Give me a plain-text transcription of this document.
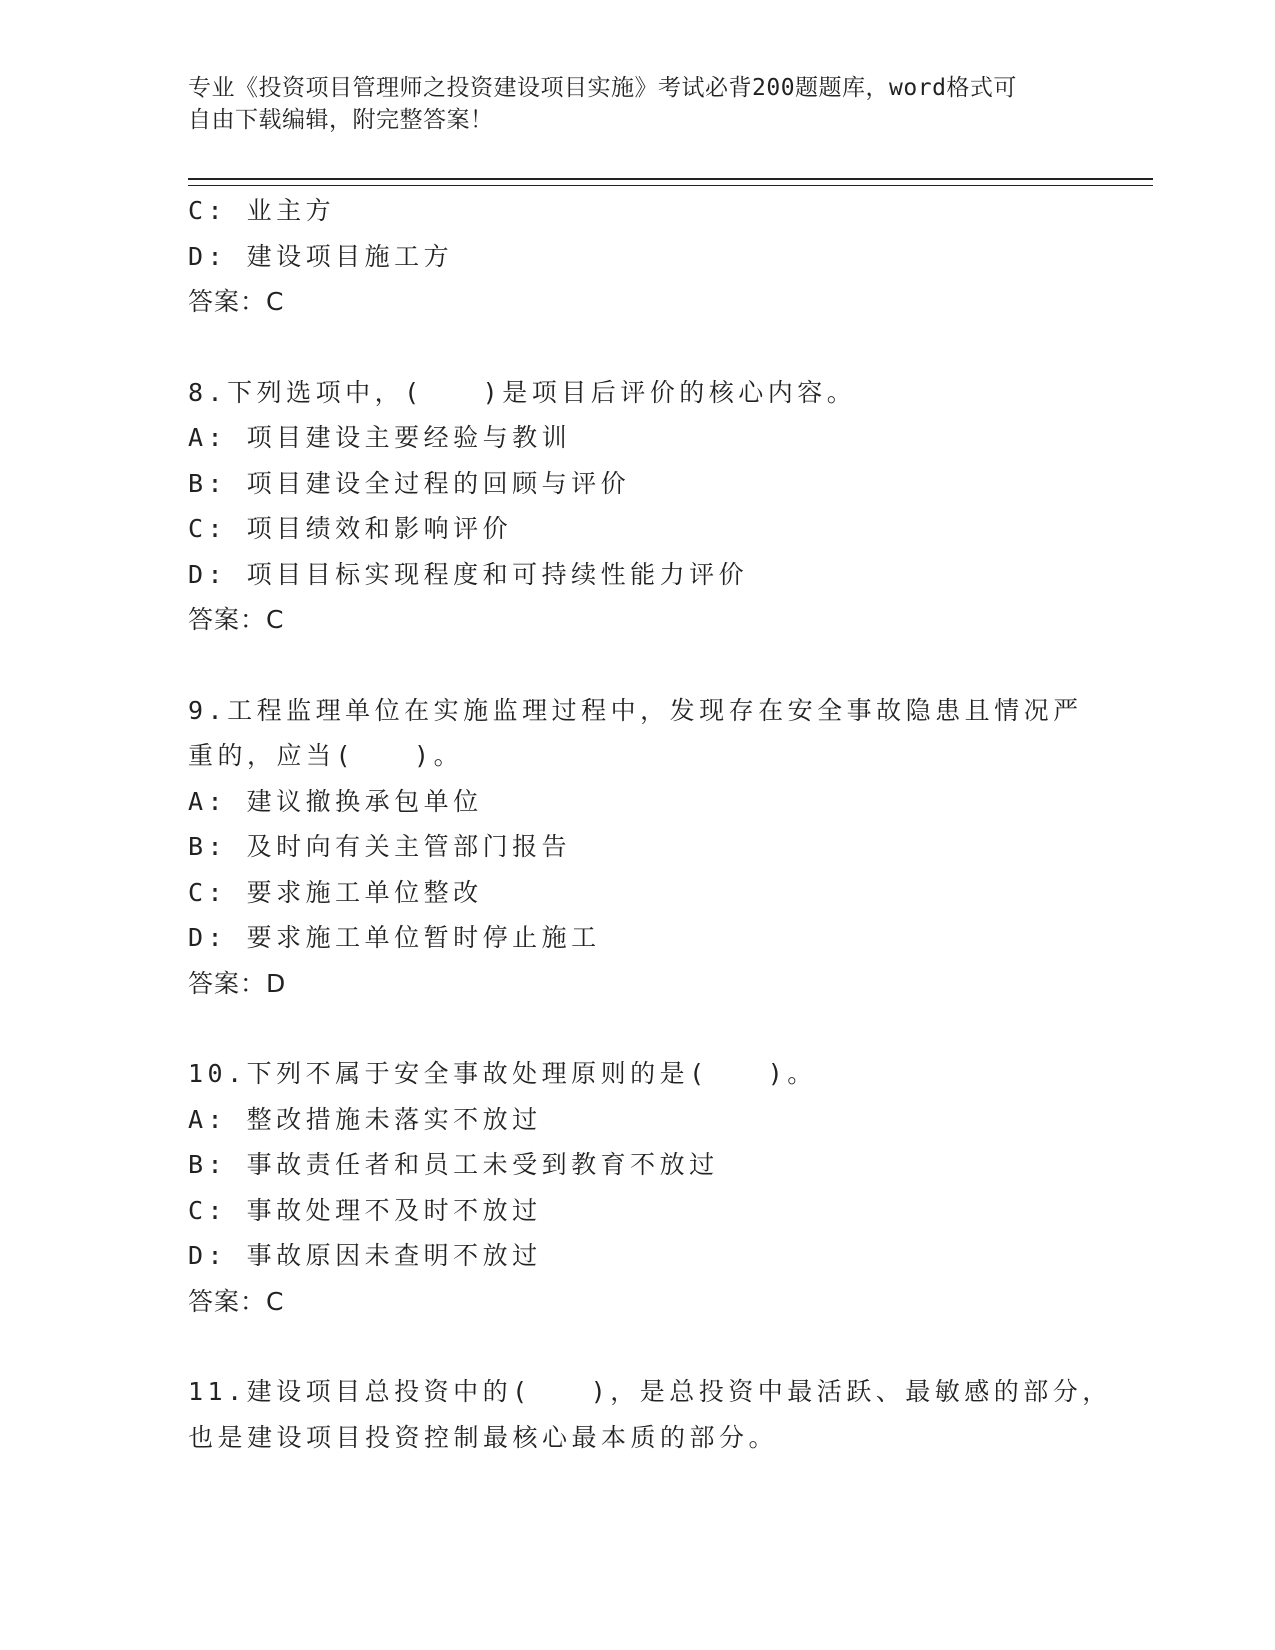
专业《投资项目管理师之投资建设项目实施》考试必背200题题库，word格式可
自由下载编辑，附完整答案！
C: 业主方
D: 建设项目施工方
答案：C
8.下列选项中，(　　)是项目后评价的核心内容。
A: 项目建设主要经验与教训
B: 项目建设全过程的回顾与评价
C: 项目绩效和影响评价
D: 项目目标实现程度和可持续性能力评价
答案：C
9.工程监理单位在实施监理过程中，发现存在安全事故隐患且情况严
重的，应当(　　)。
A: 建议撤换承包单位
B: 及时向有关主管部门报告
C: 要求施工单位整改
D: 要求施工单位暂时停止施工
答案：D
10.下列不属于安全事故处理原则的是(　　)。
A: 整改措施未落实不放过
B: 事故责任者和员工未受到教育不放过
C: 事故处理不及时不放过
D: 事故原因未查明不放过
答案：C
11.建设项目总投资中的(　　)，是总投资中最活跃、最敏感的部分，
也是建设项目投资控制最核心最本质的部分。
